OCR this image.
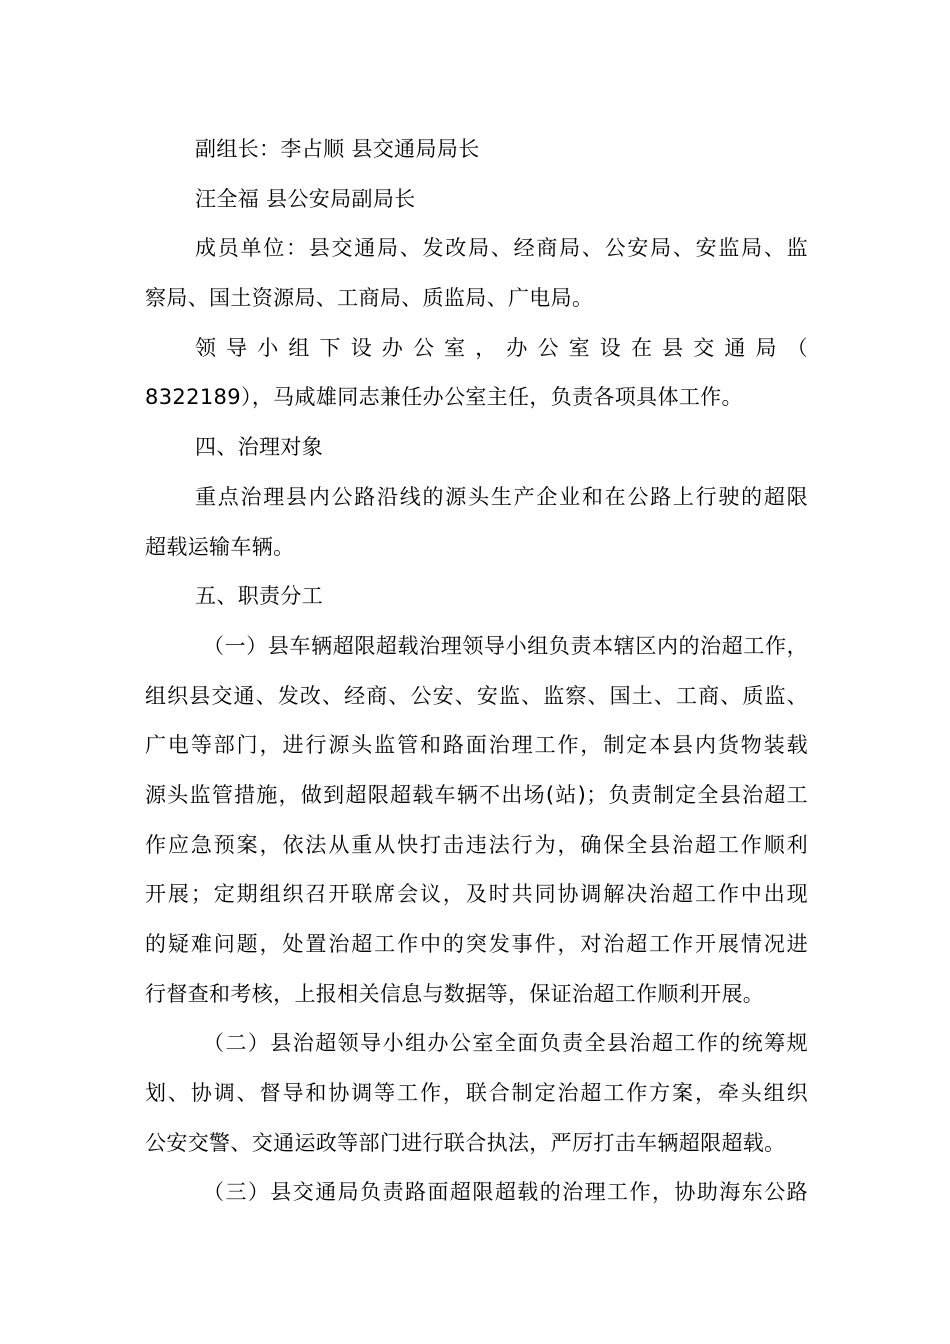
副组长：李占顺 县交通局局长
汪全福 县公安局副局长
成员单位：县交通局、发改局、经商局、公安局、安监局、监
察局、国土资源局、工商局、质监局、广电局。
领 导 小 组 下 设 办 公 室 ， 办 公 室 设 在 县 交 通 局 （
8322189），马咸雄同志兼任办公室主任，负责各项具体工作。
四、治理对象
重点治理县内公路沿线的源头生产企业和在公路上行驶的超限
超载运输车辆。
五、职责分工
（一）县车辆超限超载治理领导小组负责本辖区内的治超工作，
组织县交通、发改、经商、公安、安监、监察、国土、工商、质监、
广电等部门，进行源头监管和路面治理工作，制定本县内货物装载
源头监管措施，做到超限超载车辆不出场(站)；负责制定全县治超工
作应急预案，依法从重从快打击违法行为，确保全县治超工作顺利
开展；定期组织召开联席会议，及时共同协调解决治超工作中出现
的疑难问题，处置治超工作中的突发事件，对治超工作开展情况进
行督查和考核，上报相关信息与数据等，保证治超工作顺利开展。
（二）县治超领导小组办公室全面负责全县治超工作的统筹规
划、协调、督导和协调等工作，联合制定治超工作方案，牵头组织
公安交警、交通运政等部门进行联合执法，严厉打击车辆超限超载。
（三）县交通局负责路面超限超载的治理工作，协助海东公路
